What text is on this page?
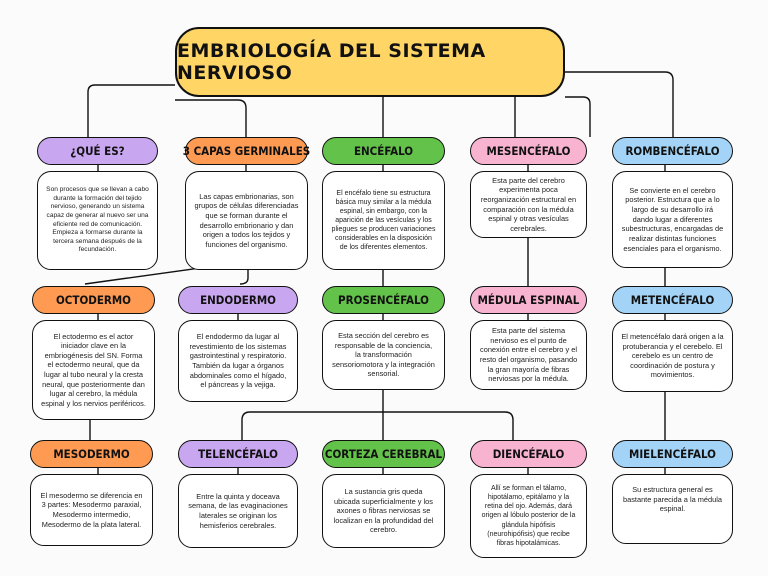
EMBRIOLOGÍA DEL SISTEMA NERVIOSO
¿QUÉ ES?
Son procesos que se llevan a cabo durante la formación del tejido nervioso, generando un sistema capaz de generar al nuevo ser una eficiente red de comunicación. Empieza a formarse durante la tercera semana después de la fecundación.
3 CAPAS GERMINALES
Las capas embrionarias, son grupos de células diferenciadas que se forman durante el desarrollo embrionario y dan origen a todos los tejidos y funciones del organismo.
ENCÉFALO
El encéfalo tiene su estructura básica muy similar a la médula espinal, sin embargo, con la aparición de las vesículas y los pliegues se producen variaciones considerables en la disposición de los diferentes elementos.
MESENCÉFALO
Esta parte del cerebro experimenta poca reorganización estructural en comparación con la médula espinal y otras vesículas cerebrales.
ROMBENCÉFALO
Se convierte en el cerebro posterior. Estructura que a lo largo de su desarrollo irá dando lugar a diferentes subestructuras, encargadas de realizar distintas funciones esenciales para el organismo.
OCTODERMO
El ectodermo es el actor iniciador clave en la embriogénesis del SN. Forma el ectodermo neural, que da lugar al tubo neural y la cresta neural, que posteriormente dan lugar al cerebro, la médula espinal y los nervios periféricos.
ENDODERMO
El endodermo da lugar al revestimiento de los sistemas gastrointestinal y respiratorio. También da lugar a órganos abdominales como el hígado, el páncreas y la vejiga.
PROSENCÉFALO
Esta sección del cerebro es responsable de la conciencia, la transformación sensoriomotora y la integración sensorial.
MÉDULA ESPINAL
Esta parte del sistema nervioso es el punto de conexión entre el cerebro y el resto del organismo, pasando la gran mayoría de fibras nerviosas por la médula.
METENCÉFALO
El metencéfalo dará origen a la protuberancia y el cerebelo. El cerebelo es un centro de coordinación de postura y movimientos.
MESODERMO
El mesodermo se diferencia en 3 partes: Mesodermo paraxial, Mesodermo intermedio, Mesodermo de la plata lateral.
TELENCÉFALO
Entre la quinta y doceava semana, de las evaginaciones laterales se originan los hemisferios cerebrales.
CORTEZA CEREBRAL
La sustancia gris queda ubicada superficialmente y los axones o fibras nerviosas se localizan en la profundidad del cerebro.
DIENCÉFALO
Allí se forman el tálamo, hipotálamo, epitálamo y la retina del ojo. Además, dará origen al lóbulo posterior de la glándula hipófisis (neurohipófisis) que recibe fibras hipotalámicas.
MIELENCÉFALO
Su estructura general es bastante parecida a la médula espinal.
